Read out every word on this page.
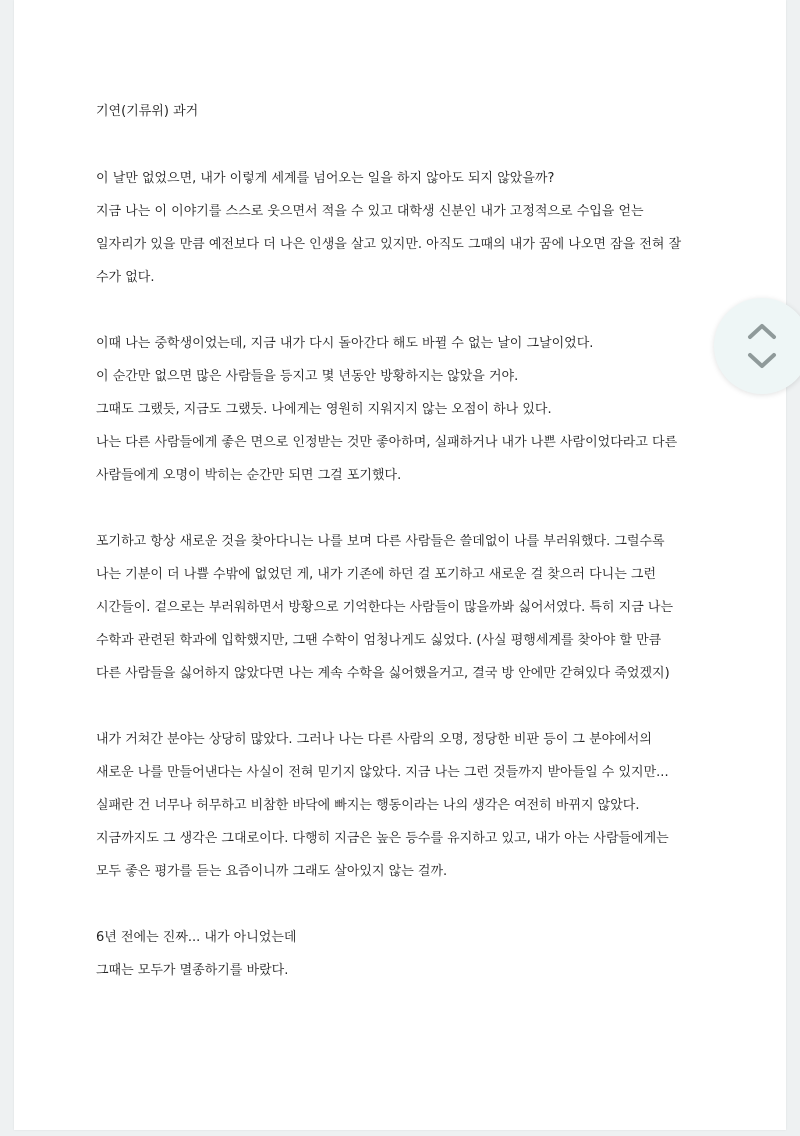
기연(기류위) 과거
이 날만 없었으면, 내가 이렇게 세계를 넘어오는 일을 하지 않아도 되지 않았을까?
지금 나는 이 이야기를 스스로 웃으면서 적을 수 있고 대학생 신분인 내가 고정적으로 수입을 얻는
일자리가 있을 만큼 예전보다 더 나은 인생을 살고 있지만. 아직도 그때의 내가 꿈에 나오면 잠을 전혀 잘
수가 없다.
이때 나는 중학생이었는데, 지금 내가 다시 돌아간다 해도 바뀔 수 없는 날이 그날이었다.
이 순간만 없으면 많은 사람들을 등지고 몇 년동안 방황하지는 않았을 거야.
그때도 그랬듯, 지금도 그랬듯. 나에게는 영원히 지워지지 않는 오점이 하나 있다.
나는 다른 사람들에게 좋은 면으로 인정받는 것만 좋아하며, 실패하거나 내가 나쁜 사람이었다라고 다른
사람들에게 오명이 박히는 순간만 되면 그걸 포기했다.
포기하고 항상 새로운 것을 찾아다니는 나를 보며 다른 사람들은 쓸데없이 나를 부러워했다. 그럴수록
나는 기분이 더 나쁠 수밖에 없었던 게, 내가 기존에 하던 걸 포기하고 새로운 걸 찾으러 다니는 그런
시간들이. 겉으로는 부러워하면서 방황으로 기억한다는 사람들이 많을까봐 싫어서였다. 특히 지금 나는
수학과 관련된 학과에 입학했지만, 그땐 수학이 엄청나게도 싫었다. (사실 평행세계를 찾아야 할 만큼
다른 사람들을 싫어하지 않았다면 나는 계속 수학을 싫어했을거고, 결국 방 안에만 갇혀있다 죽었겠지)
내가 거쳐간 분야는 상당히 많았다. 그러나 나는 다른 사람의 오명, 정당한 비판 등이 그 분야에서의
새로운 나를 만들어낸다는 사실이 전혀 믿기지 않았다. 지금 나는 그런 것들까지 받아들일 수 있지만...
실패란 건 너무나 허무하고 비참한 바닥에 빠지는 행동이라는 나의 생각은 여전히 바뀌지 않았다.
지금까지도 그 생각은 그대로이다. 다행히 지금은 높은 등수를 유지하고 있고, 내가 아는 사람들에게는
모두 좋은 평가를 듣는 요즘이니까 그래도 살아있지 않는 걸까.
6년 전에는 진짜... 내가 아니었는데
그때는 모두가 멸종하기를 바랐다.
